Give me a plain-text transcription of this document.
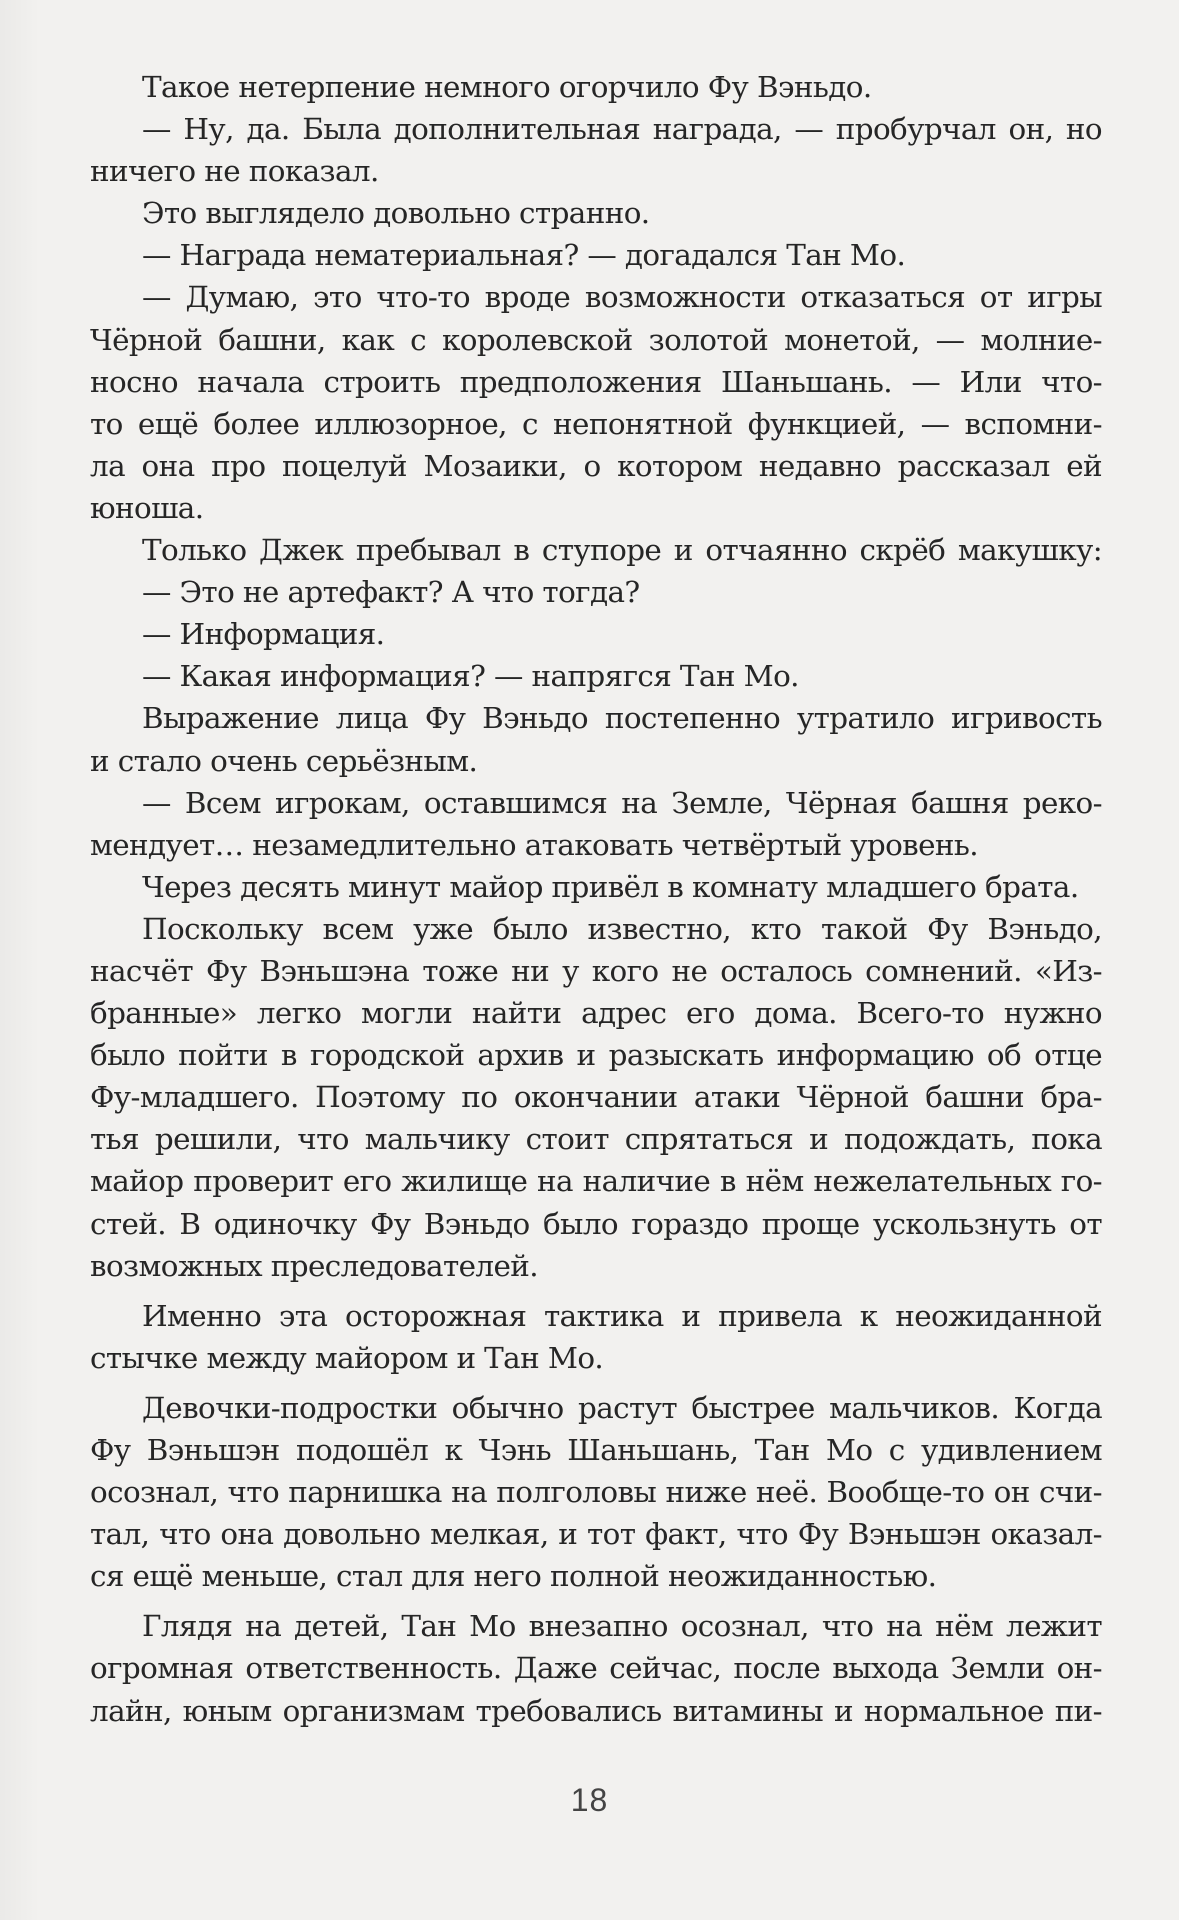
Такое нетерпение немного огорчило Фу Вэньдо.
— Ну, да. Была дополнительная награда, — пробурчал он, но
ничего не показал.
Это выглядело довольно странно.
— Награда нематериальная? — догадался Тан Мо.
— Думаю, это что-то вроде возможности отказаться от игры
Чёрной башни, как с королевской золотой монетой, — молние-
носно начала строить предположения Шаньшань. — Или что-
то ещё более иллюзорное, с непонятной функцией, — вспомни-
ла она про поцелуй Мозаики, о котором недавно рассказал ей
юноша.
Только Джек пребывал в ступоре и отчаянно скрёб макушку:
— Это не артефакт? А что тогда?
— Информация.
— Какая информация? — напрягся Тан Мо.
Выражение лица Фу Вэньдо постепенно утратило игривость
и стало очень серьёзным.
— Всем игрокам, оставшимся на Земле, Чёрная башня реко-
мендует… незамедлительно атаковать четвёртый уровень.
Через десять минут майор привёл в комнату младшего брата.
Поскольку всем уже было известно, кто такой Фу Вэньдо,
насчёт Фу Вэньшэна тоже ни у кого не осталось сомнений. «Из-
бранные» легко могли найти адрес его дома. Всего-то нужно
было пойти в городской архив и разыскать информацию об отце
Фу-младшего. Поэтому по окончании атаки Чёрной башни бра-
тья решили, что мальчику стоит спрятаться и подождать, пока
майор проверит его жилище на наличие в нём нежелательных го-
стей. В одиночку Фу Вэньдо было гораздо проще ускользнуть от
возможных преследователей.
Именно эта осторожная тактика и привела к неожиданной
стычке между майором и Тан Мо.
Девочки-подростки обычно растут быстрее мальчиков. Когда
Фу Вэньшэн подошёл к Чэнь Шаньшань, Тан Мо с удивлением
осознал, что парнишка на полголовы ниже неё. Вообще-то он счи-
тал, что она довольно мелкая, и тот факт, что Фу Вэньшэн оказал-
ся ещё меньше, стал для него полной неожиданностью.
Глядя на детей, Тан Мо внезапно осознал, что на нём лежит
огромная ответственность. Даже сейчас, после выхода Земли он-
лайн, юным организмам требовались витамины и нормальное пи-
18
